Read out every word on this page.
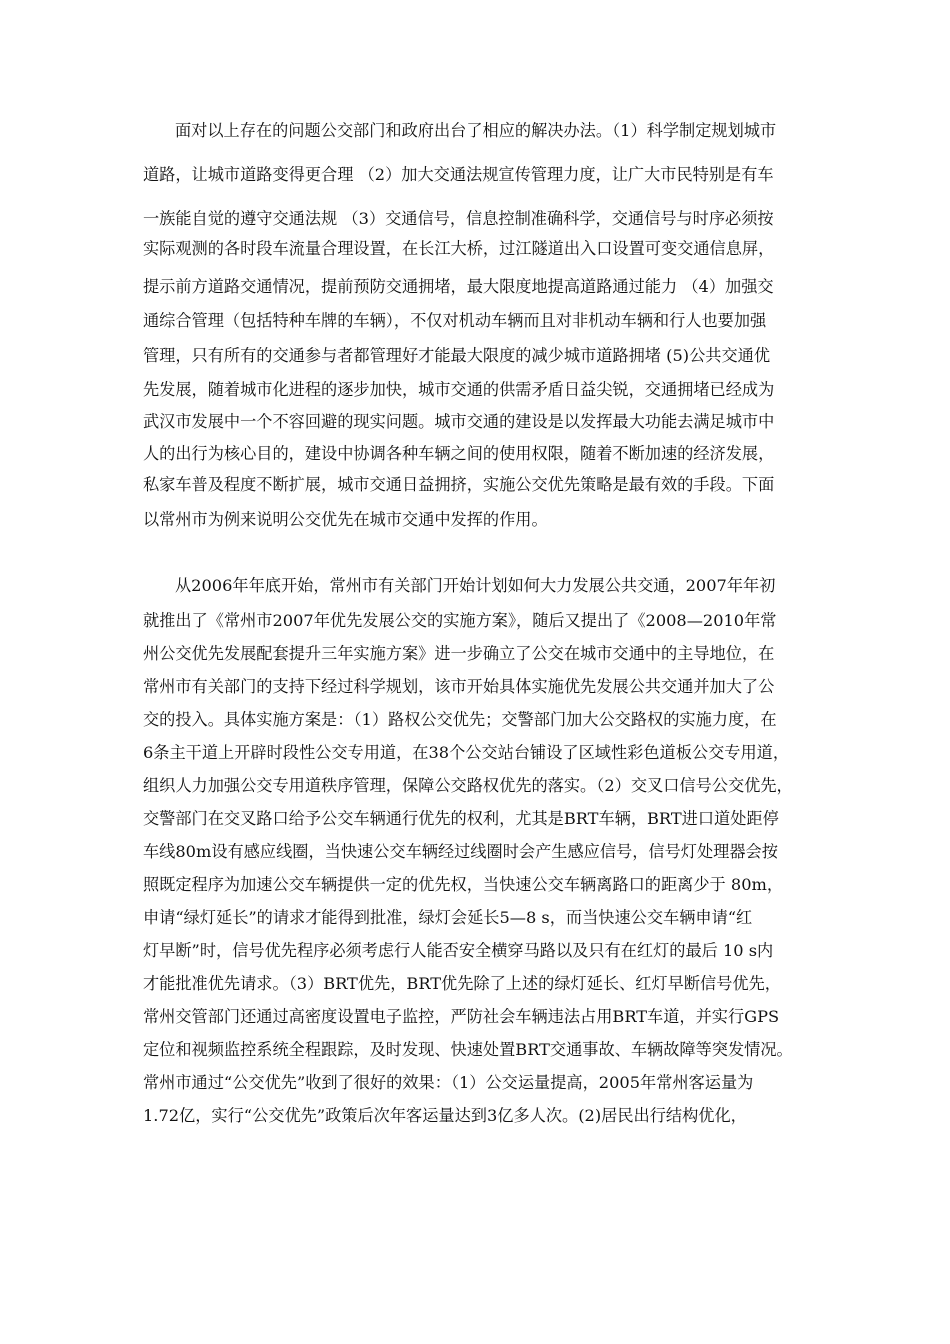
面对以上存在的问题公交部门和政府出台了相应的解决办法。（1）科学制定规划城市

道路，让城市道路变得更合理 （2）加大交通法规宣传管理力度，让广大市民特别是有车

一族能自觉的遵守交通法规 （3）交通信号，信息控制准确科学，交通信号与时序必须按

实际观测的各时段车流量合理设置，在长江大桥，过江隧道出入口设置可变交通信息屏，

提示前方道路交通情况，提前预防交通拥堵，最大限度地提高道路通过能力 （4）加强交

通综合管理（包括特种车牌的车辆），不仅对机动车辆而且对非机动车辆和行人也要加强

管理，只有所有的交通参与者都管理好才能最大限度的减少城市道路拥堵 (5)公共交通优

先发展，随着城市化进程的逐步加快，城市交通的供需矛盾日益尖锐，交通拥堵已经成为

武汉市发展中一个不容回避的现实问题。城市交通的建设是以发挥最大功能去满足城市中

人的出行为核心目的，建设中协调各种车辆之间的使用权限，随着不断加速的经济发展，

私家车普及程度不断扩展，城市交通日益拥挤，实施公交优先策略是最有效的手段。下面

以常州市为例来说明公交优先在城市交通中发挥的作用。

从2006年年底开始，常州市有关部门开始计划如何大力发展公共交通，2007年年初

就推出了《常州市2007年优先发展公交的实施方案》，随后又提出了《2008—2010年常

州公交优先发展配套提升三年实施方案》进一步确立了公交在城市交通中的主导地位，在

常州市有关部门的支持下经过科学规划，该市开始具体实施优先发展公共交通并加大了公

交的投入。具体实施方案是：（1）路权公交优先；交警部门加大公交路权的实施力度，在

6条主干道上开辟时段性公交专用道，在38个公交站台铺设了区域性彩色道板公交专用道，

组织人力加强公交专用道秩序管理，保障公交路权优先的落实。（2）交叉口信号公交优先，

交警部门在交叉路口给予公交车辆通行优先的权利，尤其是BRT车辆，BRT进口道处距停

车线80m设有感应线圈，当快速公交车辆经过线圈时会产生感应信号，信号灯处理器会按

照既定程序为加速公交车辆提供一定的优先权，当快速公交车辆离路口的距离少于 80m，

申请“绿灯延长”的请求才能得到批准，绿灯会延长5—8 s，而当快速公交车辆申请“红

灯早断”时，信号优先程序必须考虑行人能否安全横穿马路以及只有在红灯的最后 10 s内

才能批准优先请求。（3）BRT优先，BRT优先除了上述的绿灯延长、红灯早断信号优先，

常州交管部门还通过高密度设置电子监控，严防社会车辆违法占用BRT车道，并实行GPS

定位和视频监控系统全程跟踪，及时发现、快速处置BRT交通事故、车辆故障等突发情况。

常州市通过“公交优先”收到了很好的效果：（1）公交运量提高，2005年常州客运量为

1.72亿，实行“公交优先”政策后次年客运量达到3亿多人次。(2)居民出行结构优化，
